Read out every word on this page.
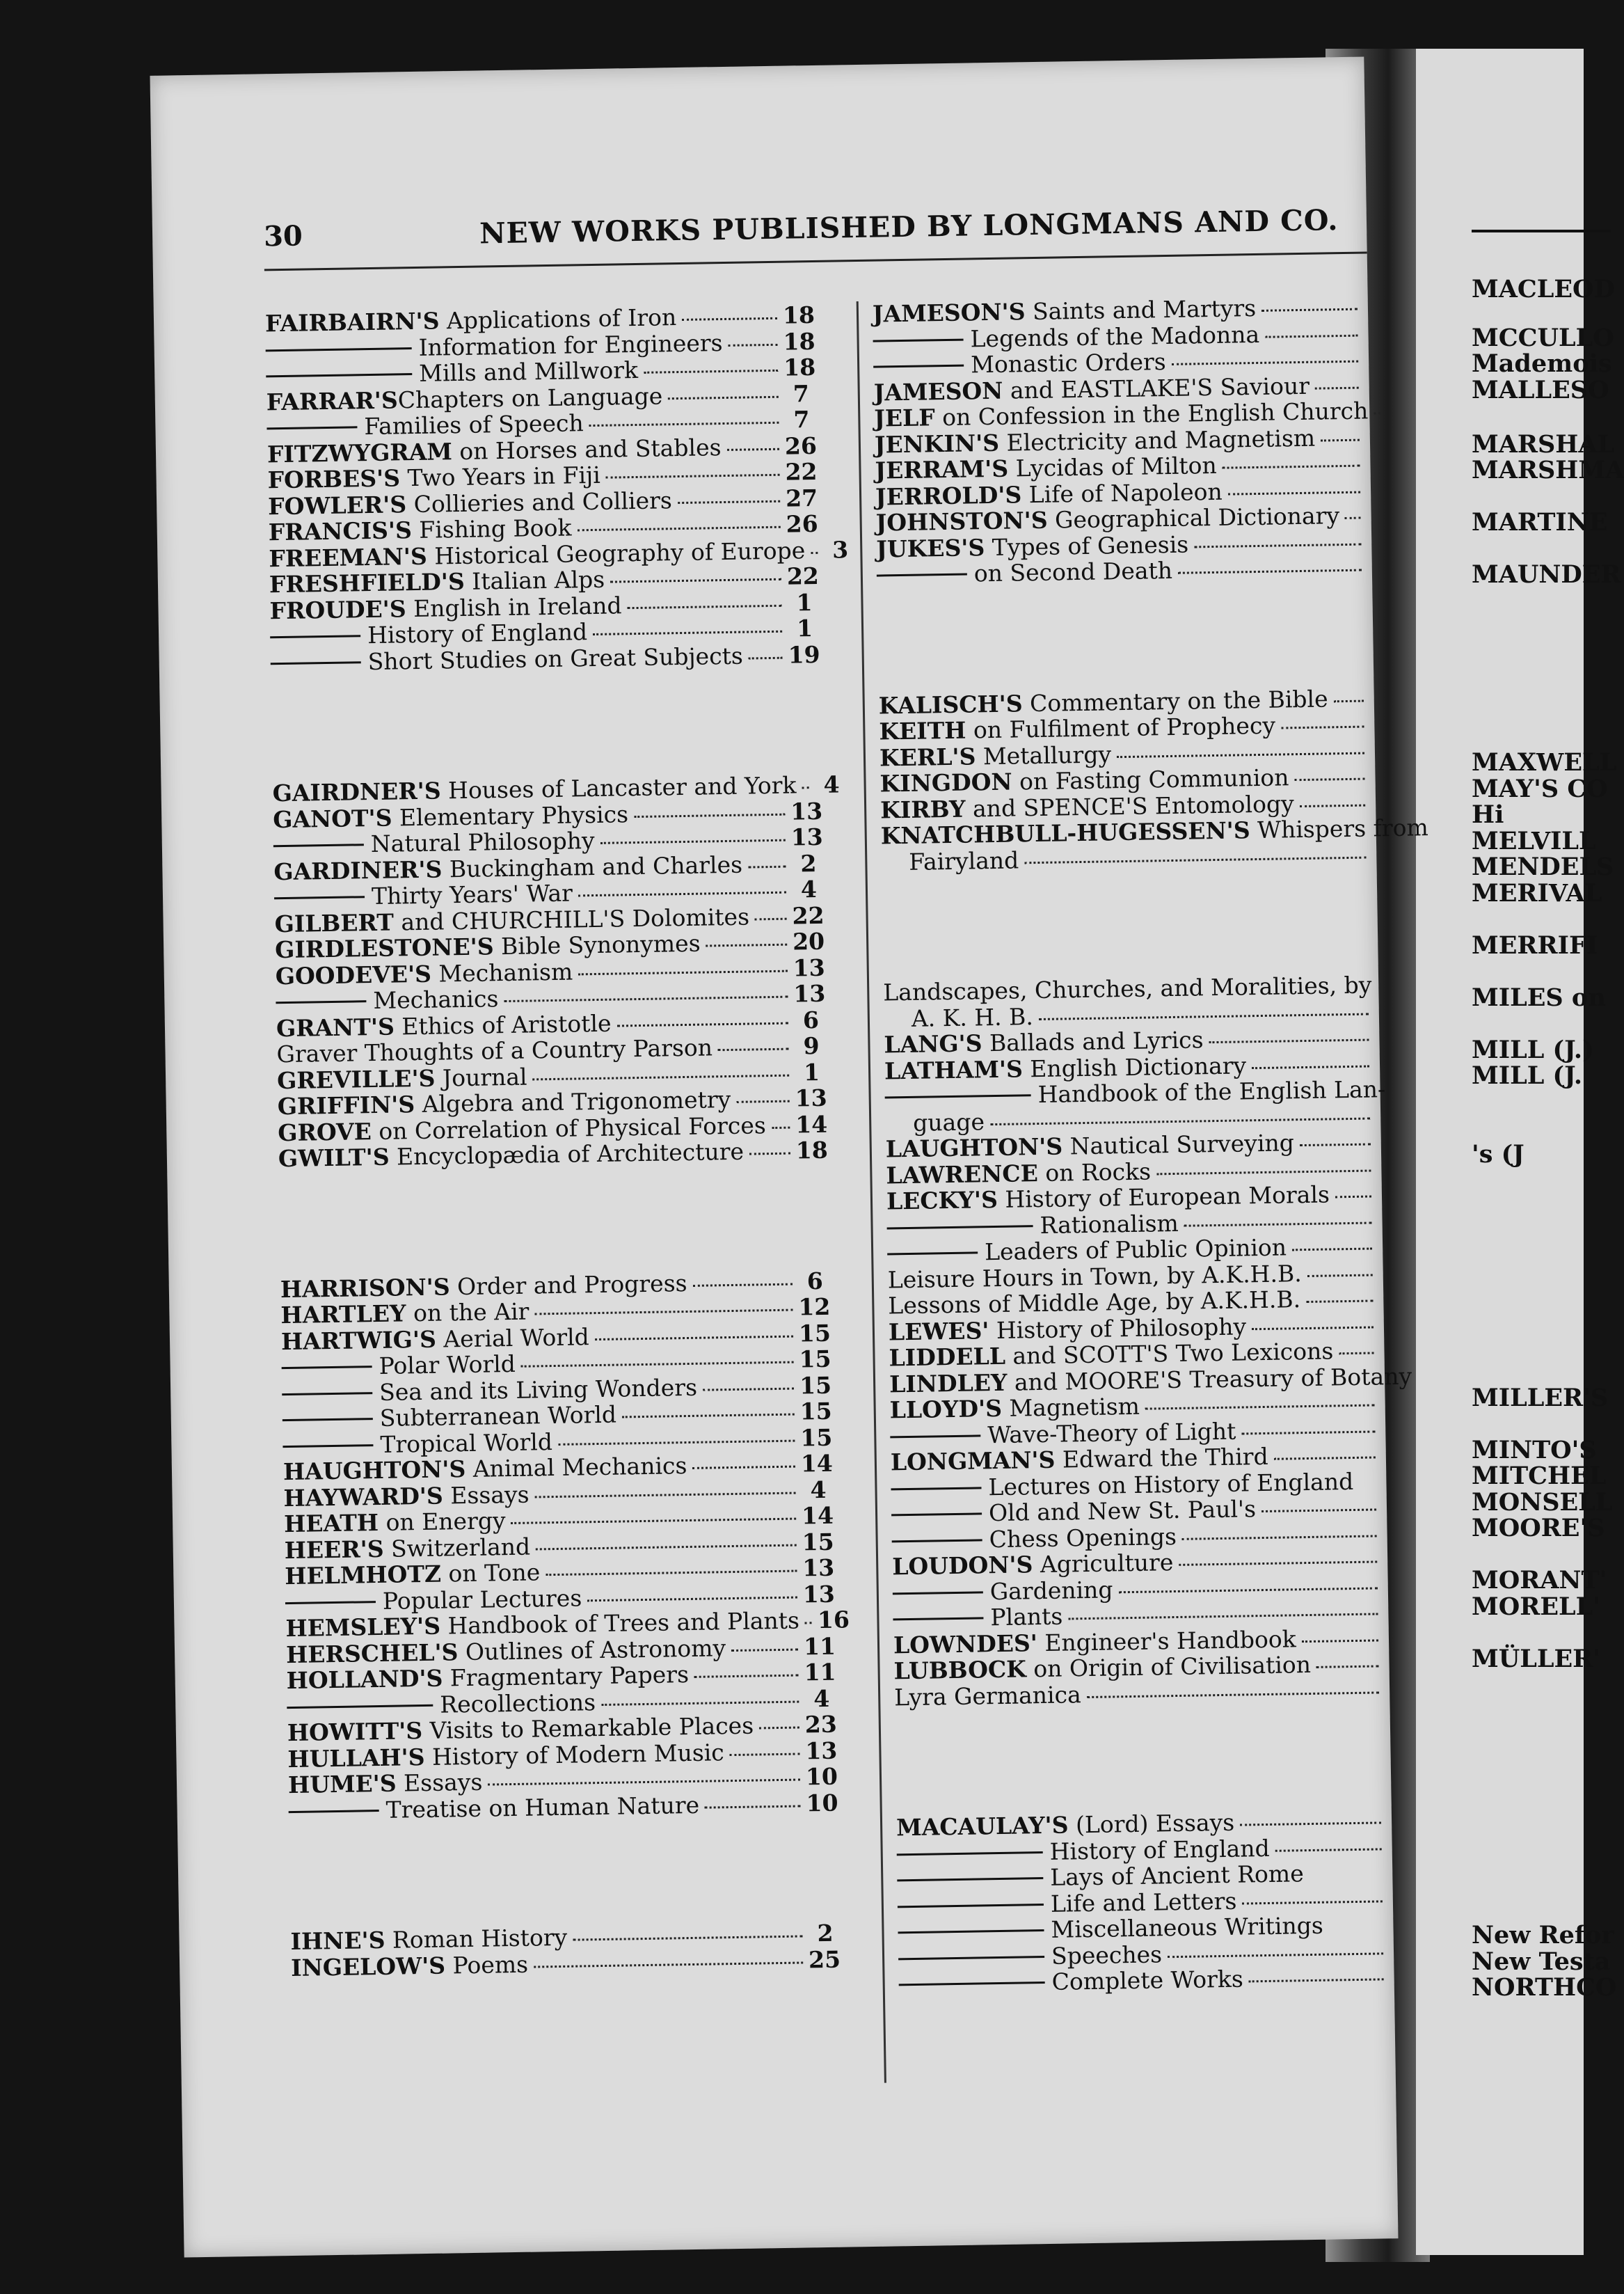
MACLEOD
MCCULLO
Mademois
MALLESO
MARSHAL
MARSHMA
MARTINE
MAUNDER
MAXWELL
MAY'S CO
Hi
MELVILL
MENDELS
MERIVAL
MERRIFI
MILES on
MILL (J.)
MILL (J.
's (J
MILLER'S
MINTO'S
MITCHEL
MONSELL
MOORE'S
MORANT'
MORELL'
MÜLLER'
New Refor
New Testa
NORTHCO
30	NEW WORKS PUBLISHED BY LONGMANS AND CO.
FAIRBAIRN'S Applications of Iron	18
Information for Engineers	18
Mills and Millwork	18
FARRAR'SChapters on Language	7
Families of Speech	7
FITZWYGRAM on Horses and Stables	26
FORBES'S Two Years in Fiji	22
FOWLER'S Collieries and Colliers	27
FRANCIS'S Fishing Book	26
FREEMAN'S Historical Geography of Europe	3
FRESHFIELD'S Italian Alps	22
FROUDE'S English in Ireland	1
History of England	1
Short Studies on Great Subjects 19
GAIRDNER'S Houses of Lancaster and York	4
GANOT'S Elementary Physics	13
Natural Philosophy	13
GARDINER'S Buckingham and Charles	2
Thirty Years' War	4
GILBERT and CHURCHILL'S Dolomites 22
GIRDLESTONE'S Bible Synonymes	20
GOODEVE'S Mechanism	13
Mechanics	13
GRANT'S Ethics of Aristotle	6
Graver Thoughts of a Country Parson	9
GREVILLE'S Journal	1
GRIFFIN'S Algebra and Trigonometry	13
GROVE on Correlation of Physical Forces 14
GWILT'S Encyclopædia of Architecture 18
HARRISON'S Order and Progress	6
HARTLEY on the Air	12
HARTWIG'S Aerial World	15
Polar World	15
Sea and its Living Wonders	15
Subterranean World	15
Tropical World	15
HAUGHTON'S Animal Mechanics	14
HAYWARD'S Essays	4
HEATH on Energy	14
HEER'S Switzerland	15
HELMHOTZ on Tone	13
Popular Lectures	13
HEMSLEY'S Handbook of Trees and Plants 16
HERSCHEL'S Outlines of Astronomy	11
HOLLAND'S Fragmentary Papers	11
Recollections	4
HOWITT'S Visits to Remarkable Places 23
HULLAH'S History of Modern Music	13
HUME'S Essays	10
Treatise on Human Nature	10
IHNE'S Roman History	2
INGELOW'S Poems	25
JAMESON'S Saints and Martyrs
Legends of the Madonna
Monastic Orders
JAMESON and EASTLAKE'S Saviour
JELF on Confession in the English Church
JENKIN'S Electricity and Magnetism
JERRAM'S Lycidas of Milton
JERROLD'S Life of Napoleon
JOHNSTON'S Geographical Dictionary
JUKES'S Types of Genesis
on Second Death
KALISCH'S Commentary on the Bible
KEITH on Fulfilment of Prophecy
KERL'S Metallurgy
KINGDON on Fasting Communion
KIRBY and SPENCE'S Entomology
KNATCHBULL-HUGESSEN'S Whispers from
Fairyland
Landscapes, Churches, and Moralities, by
A. K. H. B.
LANG'S Ballads and Lyrics
LATHAM'S English Dictionary
Handbook of the English Lan-
guage
LAUGHTON'S Nautical Surveying
LAWRENCE on Rocks
LECKY'S History of European Morals
Rationalism
Leaders of Public Opinion
Leisure Hours in Town, by A.K.H.B.
Lessons of Middle Age, by A.K.H.B.
LEWES' History of Philosophy
LIDDELL and SCOTT'S Two Lexicons
LINDLEY and MOORE'S Treasury of Botany
LLOYD'S Magnetism
Wave-Theory of Light
LONGMAN'S Edward the Third
Lectures on History of England
Old and New St. Paul's
Chess Openings
LOUDON'S Agriculture
Gardening
Plants
LOWNDES' Engineer's Handbook
LUBBOCK on Origin of Civilisation
Lyra Germanica
MACAULAY'S (Lord) Essays
History of England
Lays of Ancient Rome
Life and Letters
Miscellaneous Writings
Speeches
Complete Works
